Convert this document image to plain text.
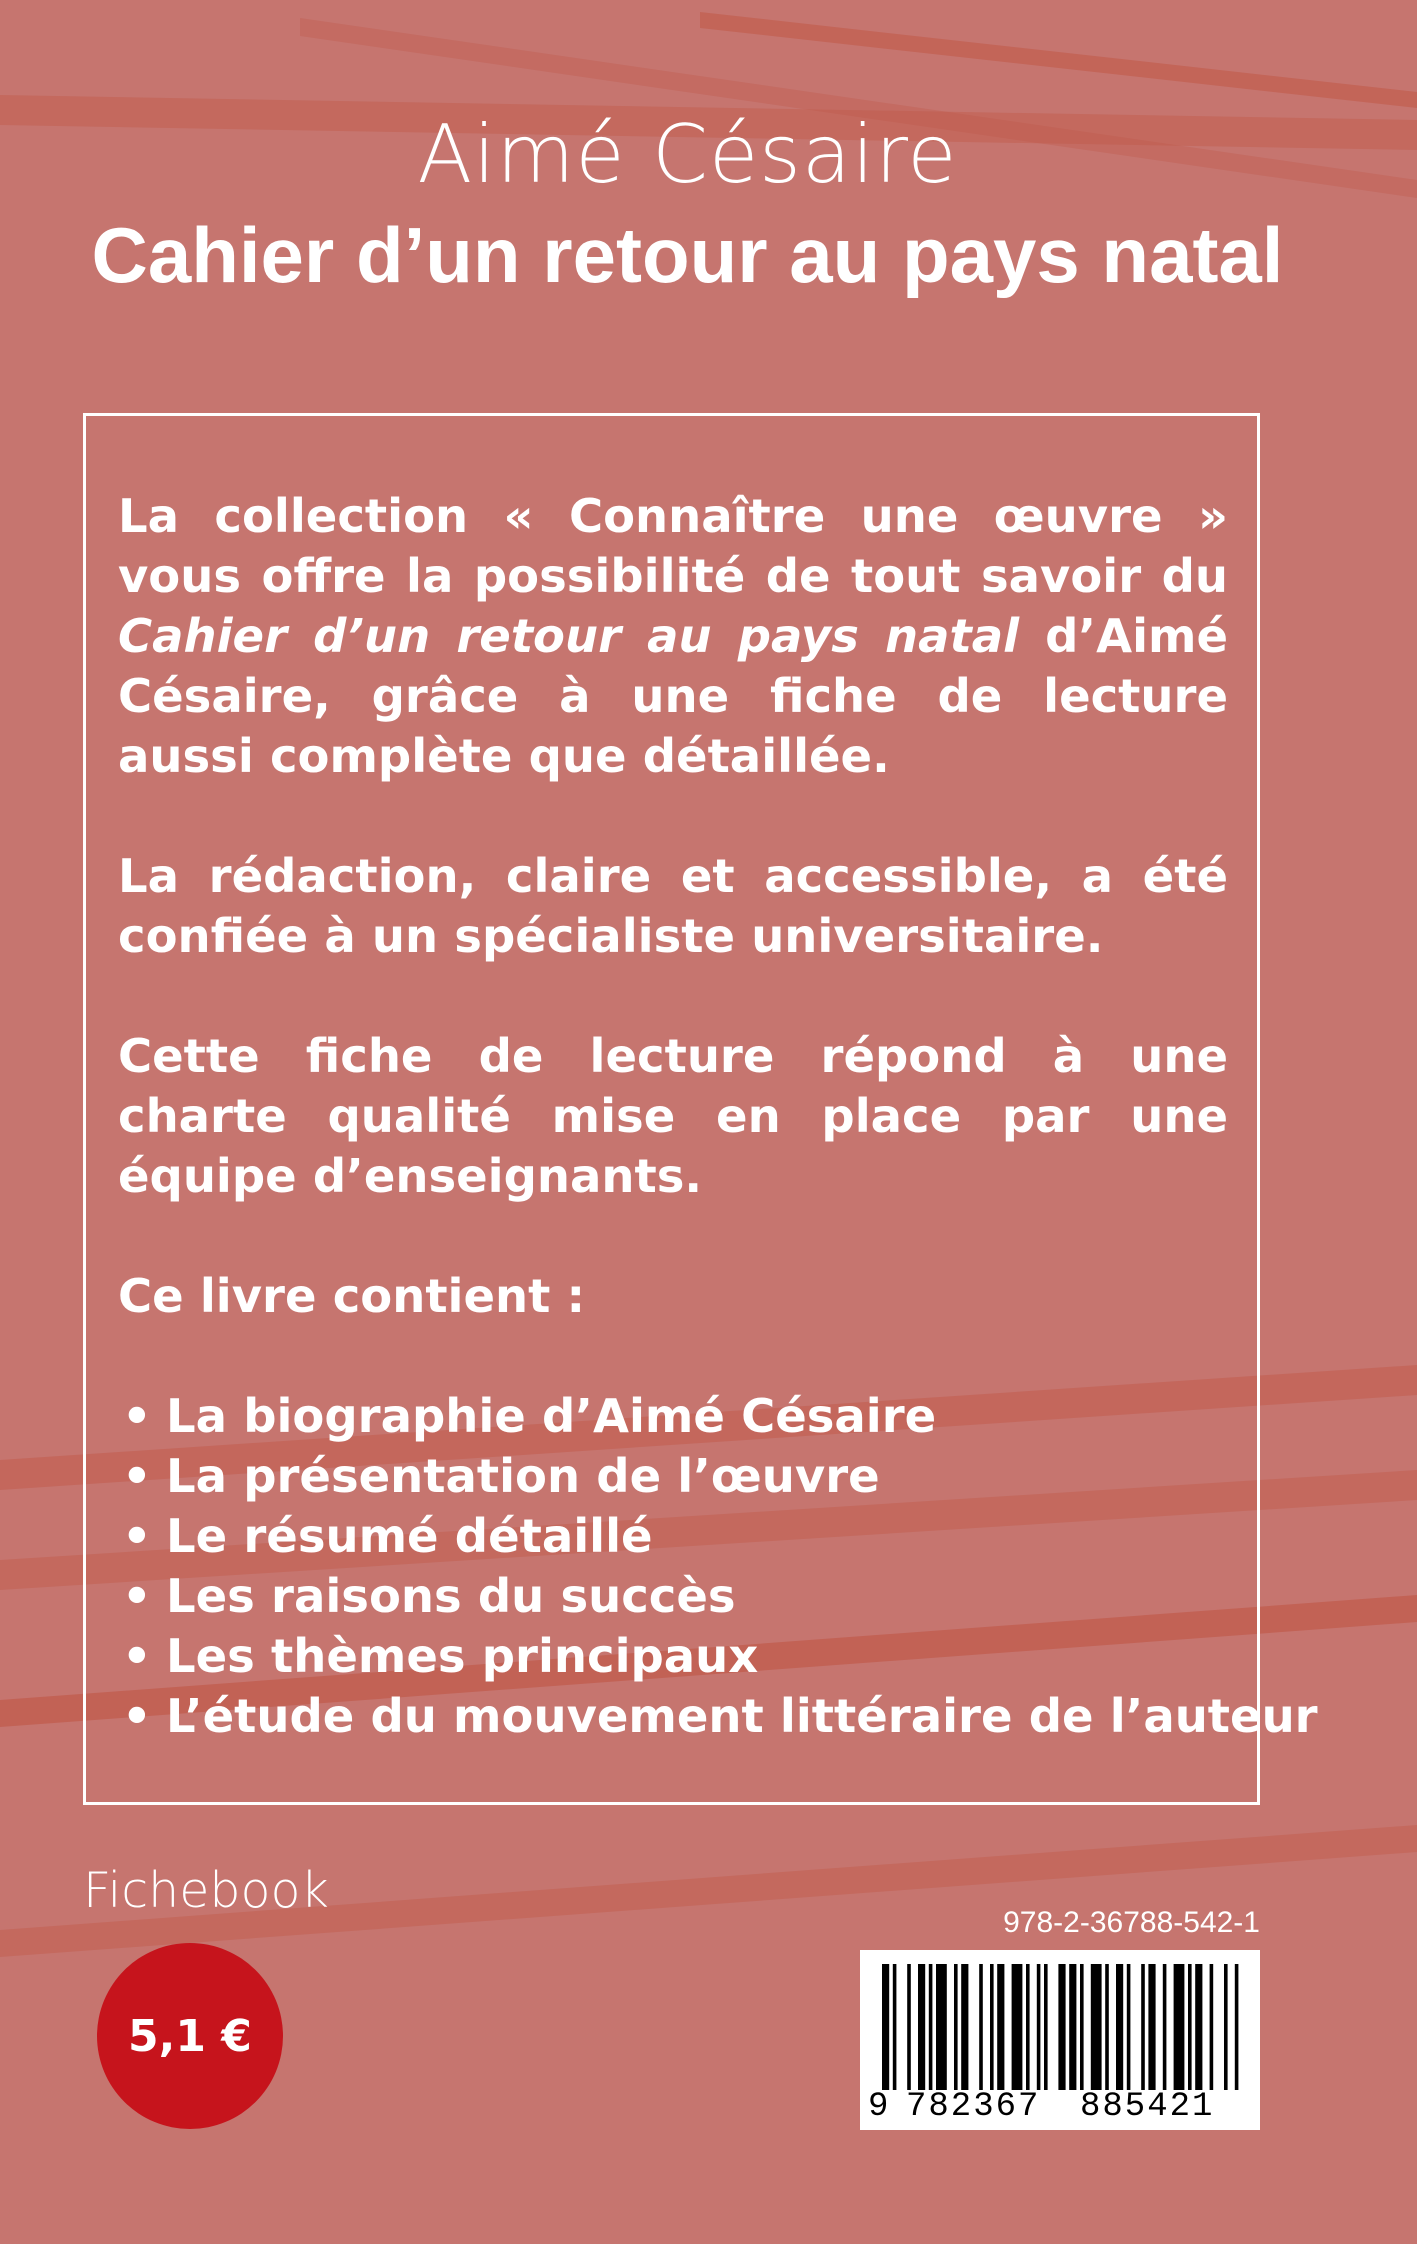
Aimé Césaire
Cahier d’un retour au pays natal

La collection « Connaître une œuvre » vous offre la possibilité de tout savoir du Cahier d’un retour au pays natal d’Aimé Césaire, grâce à une fiche de lecture aussi complète que détaillée.

La rédaction, claire et accessible, a été confiée à un spécialiste universitaire.

Cette fiche de lecture répond à une charte qualité mise en place par une équipe d’enseignants.

Ce livre contient :

• La biographie d’Aimé Césaire
• La présentation de l’œuvre
• Le résumé détaillé
• Les raisons du succès
• Les thèmes principaux
• L’étude du mouvement littéraire de l’auteur
Fichebook
5,1 €
978-2-36788-542-1
9 782367 885421
